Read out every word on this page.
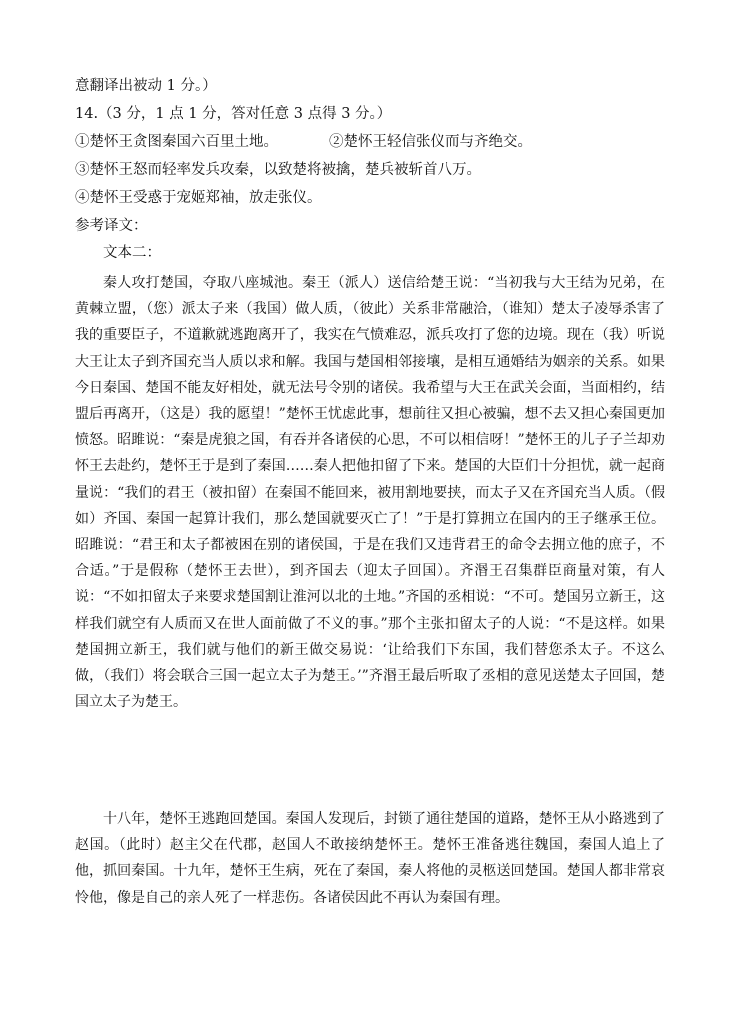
意翻译出被动 1 分。）
14.（3 分，1 点 1 分，答对任意 3 点得 3 分。）
①楚怀王贪图秦国六百里土地。	②楚怀王轻信张仪而与齐绝交。
③楚怀王怒而轻率发兵攻秦，以致楚将被擒，楚兵被斩首八万。
④楚怀王受惑于宠姬郑袖，放走张仪。
参考译文：
文本二：

秦人攻打楚国，夺取八座城池。秦王（派人）送信给楚王说：“当初我与大王结为兄弟，在黄棘立盟，（您）派太子来（我国）做人质，（彼此）关系非常融洽，（谁知）楚太子凌辱杀害了我的重要臣子，不道歉就逃跑离开了，我实在气愤难忍，派兵攻打了您的边境。现在（我）听说大王让太子到齐国充当人质以求和解。我国与楚国相邻接壤，是相互通婚结为姻亲的关系。如果今日秦国、楚国不能友好相处，就无法号令别的诸侯。我希望与大王在武关会面，当面相约，结盟后再离开，（这是）我的愿望！”楚怀王忧虑此事，想前往又担心被骗，想不去又担心秦国更加愤怒。昭雎说：“秦是虎狼之国，有吞并各诸侯的心思，不可以相信呀！”楚怀王的儿子子兰却劝怀王去赴约，楚怀王于是到了秦国……秦人把他扣留了下来。楚国的大臣们十分担忧，就一起商量说：“我们的君王（被扣留）在秦国不能回来，被用割地要挟，而太子又在齐国充当人质。（假如）齐国、秦国一起算计我们，那么楚国就要灭亡了！”于是打算拥立在国内的王子继承王位。昭雎说：“君王和太子都被困在别的诸侯国，于是在我们又违背君王的命令去拥立他的庶子，不合适。”于是假称（楚怀王去世），到齐国去（迎太子回国）。齐湣王召集群臣商量对策，有人说：“不如扣留太子来要求楚国割让淮河以北的土地。”齐国的丞相说：“不可。楚国另立新王，这样我们就空有人质而又在世人面前做了不义的事。”那个主张扣留太子的人说：“不是这样。如果楚国拥立新王，我们就与他们的新王做交易说：‘让给我们下东国，我们替您杀太子。不这么做，（我们）将会联合三国一起立太子为楚王。’”齐湣王最后听取了丞相的意见送楚太子回国，楚国立太子为楚王。

十八年，楚怀王逃跑回楚国。秦国人发现后，封锁了通往楚国的道路，楚怀王从小路逃到了赵国。（此时）赵主父在代郡，赵国人不敢接纳楚怀王。楚怀王准备逃往魏国，秦国人追上了他，抓回秦国。十九年，楚怀王生病，死在了秦国，秦人将他的灵柩送回楚国。楚国人都非常哀怜他，像是自己的亲人死了一样悲伤。各诸侯因此不再认为秦国有理。
